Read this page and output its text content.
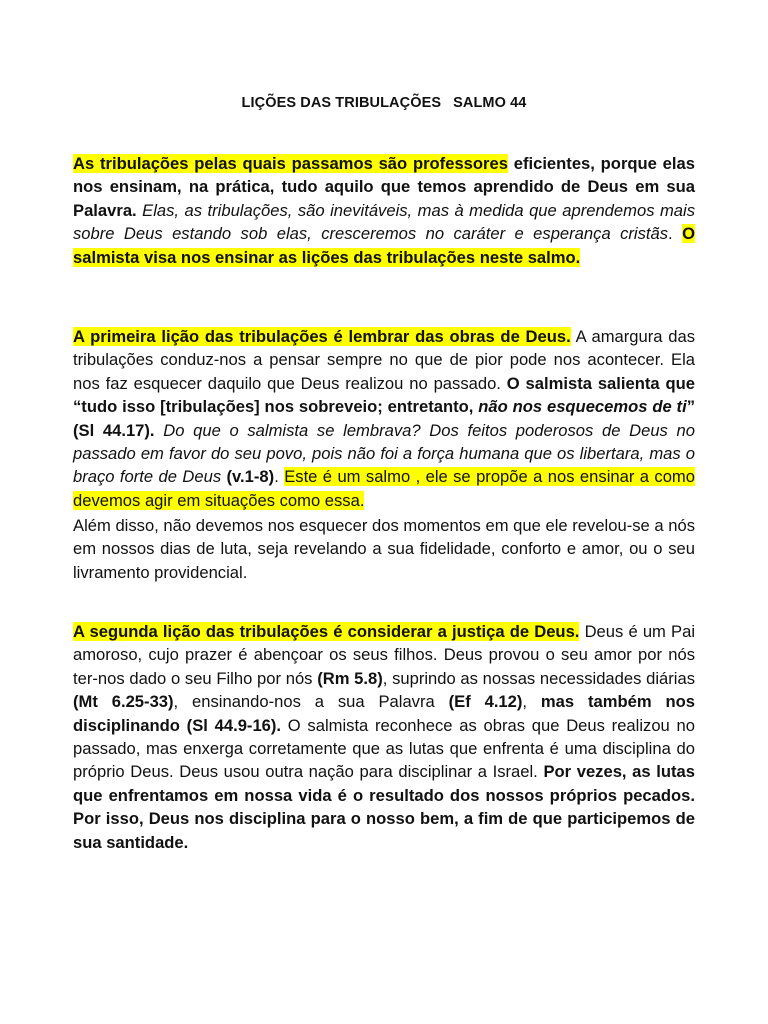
LIÇÕES DAS TRIBULAÇÕES SALMO 44

As tribulações pelas quais passamos são professores eficientes, porque elas nos ensinam, na prática, tudo aquilo que temos aprendido de Deus em sua Palavra. Elas, as tribulações, são inevitáveis, mas à medida que aprendemos mais sobre Deus estando sob elas, cresceremos no caráter e esperança cristãs. O salmista visa nos ensinar as lições das tribulações neste salmo.

A primeira lição das tribulações é lembrar das obras de Deus. A amargura das tribulações conduz-nos a pensar sempre no que de pior pode nos acontecer. Ela nos faz esquecer daquilo que Deus realizou no passado. O salmista salienta que “tudo isso [tribulações] nos sobreveio; entretanto, não nos esquecemos de ti” (Sl 44.17). Do que o salmista se lembrava? Dos feitos poderosos de Deus no passado em favor do seu povo, pois não foi a força humana que os libertara, mas o braço forte de Deus (v.1-8). Este é um salmo , ele se propõe a nos ensinar a como devemos agir em situações como essa.

Além disso, não devemos nos esquecer dos momentos em que ele revelou-se a nós em nossos dias de luta, seja revelando a sua fidelidade, conforto e amor, ou o seu livramento providencial.

A segunda lição das tribulações é considerar a justiça de Deus. Deus é um Pai amoroso, cujo prazer é abençoar os seus filhos. Deus provou o seu amor por nós ter-nos dado o seu Filho por nós (Rm 5.8), suprindo as nossas necessidades diárias (Mt 6.25-33), ensinando-nos a sua Palavra (Ef 4.12), mas também nos disciplinando (Sl 44.9-16). O salmista reconhece as obras que Deus realizou no passado, mas enxerga corretamente que as lutas que enfrenta é uma disciplina do próprio Deus. Deus usou outra nação para disciplinar a Israel. Por vezes, as lutas que enfrentamos em nossa vida é o resultado dos nossos próprios pecados. Por isso, Deus nos disciplina para o nosso bem, a fim de que participemos de sua santidade.
